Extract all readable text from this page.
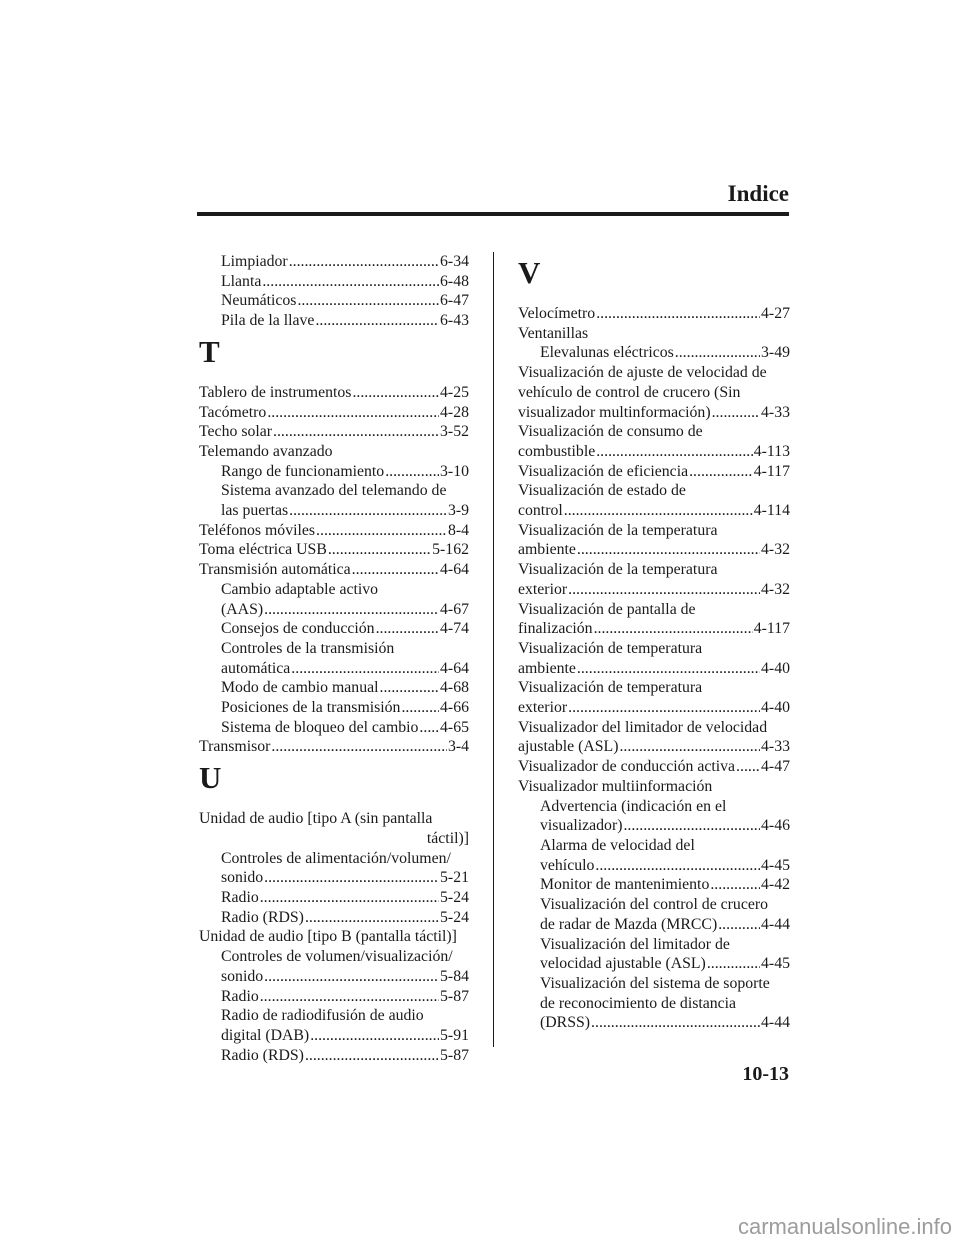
Indice
Limpiador .....	6-34
Llanta .....	6-48
Neumáticos .....	6-47
Pila de la llave .....	6-43
T
Tablero de instrumentos .....	4-25
Tacómetro .....	4-28
Techo solar .....	3-52
Telemando avanzado
Rango de funcionamiento .....	3-10
Sistema avanzado del telemando de
las puertas .....	3-9
Teléfonos móviles .....	8-4
Toma eléctrica USB .....	5-162
Transmisión automática .....	4-64
Cambio adaptable activo
(AAS) .....	4-67
Consejos de conducción .....	4-74
Controles de la transmisión
automática .....	4-64
Modo de cambio manual .....	4-68
Posiciones de la transmisión .....	4-66
Sistema de bloqueo del cambio ..... 4-65
Transmisor .....	3-4
U
Unidad de audio [tipo A (sin pantalla
táctil)]
Controles de alimentación/volumen/
sonido .....	5-21
Radio .....	5-24
Radio (RDS) .....	5-24
Unidad de audio [tipo B (pantalla táctil)]
Controles de volumen/visualización/
sonido .....	5-84
Radio .....	5-87
Radio de radiodifusión de audio
digital (DAB) .....	5-91
Radio (RDS) .....	5-87
V
Velocímetro .....	4-27
Ventanillas
Elevalunas eléctricos .....	3-49
Visualización de ajuste de velocidad de
vehículo de control de crucero (Sin
visualizador multinformación) .....	4-33
Visualización de consumo de
combustible .....	4-113
Visualización de eficiencia .....	4-117
Visualización de estado de
control .....	4-114
Visualización de la temperatura
ambiente .....	4-32
Visualización de la temperatura
exterior .....	4-32
Visualización de pantalla de
finalización .....	4-117
Visualización de temperatura
ambiente .....	4-40
Visualización de temperatura
exterior .....	4-40
Visualizador del limitador de velocidad
ajustable (ASL) .....	4-33
Visualizador de conducción activa ..... 4-47
Visualizador multiinformación
Advertencia (indicación en el
visualizador) .....	4-46
Alarma de velocidad del
vehículo .....	4-45
Monitor de mantenimiento .....	4-42
Visualización del control de crucero
de radar de Mazda (MRCC) .....	4-44
Visualización del limitador de
velocidad ajustable (ASL) .....	4-45
Visualización del sistema de soporte
de reconocimiento de distancia
(DRSS) .....	4-44
10-13
carmanualsonline.info
